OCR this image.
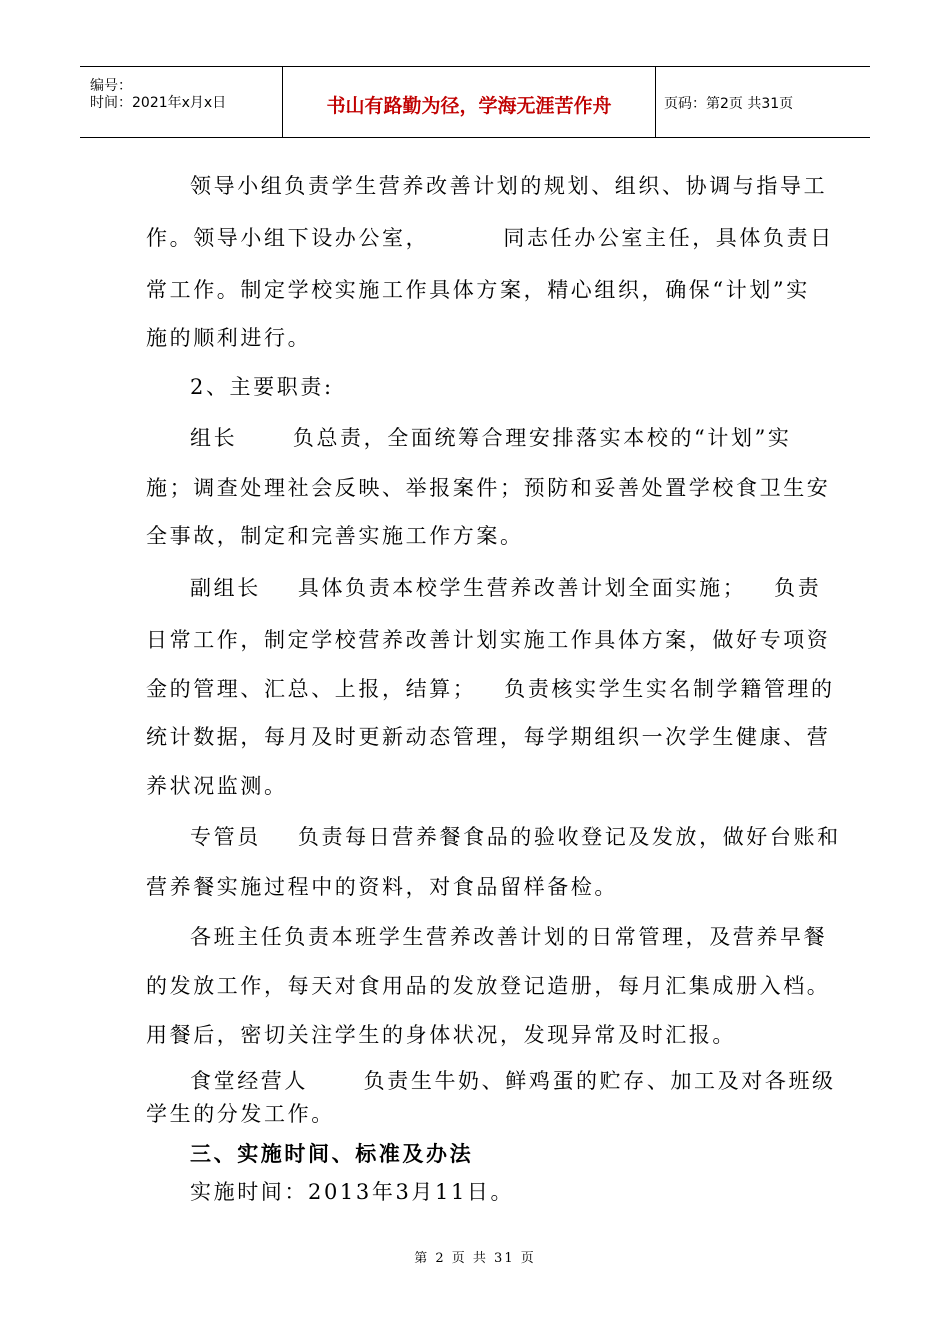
编号：
时间：2021年x月x日	书山有路勤为径，学海无涯苦作舟	页码：第2页 共31页
领导小组负责学生营养改善计划的规划、组织、协调与指导工
作。领导小组下设办公室，        同志任办公室主任，具体负责日
常工作。制定学校实施工作具体方案，精心组织，确保“计划”实
施的顺利进行。
2、主要职责:
组长      负总责，全面统筹合理安排落实本校的“计划”实
施；调查处理社会反映、举报案件；预防和妥善处置学校食卫生安
全事故，制定和完善实施工作方案。
副组长    具体负责本校学生营养改善计划全面实施；   负责
日常工作，制定学校营养改善计划实施工作具体方案，做好专项资
金的管理、汇总、上报，结算；   负责核实学生实名制学籍管理的
统计数据，每月及时更新动态管理，每学期组织一次学生健康、营
养状况监测。
专管员    负责每日营养餐食品的验收登记及发放，做好台账和
营养餐实施过程中的资料，对食品留样备检。
各班主任负责本班学生营养改善计划的日常管理，及营养早餐
的发放工作，每天对食用品的发放登记造册，每月汇集成册入档。
用餐后，密切关注学生的身体状况，发现异常及时汇报。
食堂经营人      负责生牛奶、鲜鸡蛋的贮存、加工及对各班级
学生的分发工作。
三、实施时间、标准及办法
实施时间：2013年3月11日。
第 2 页 共 31 页
